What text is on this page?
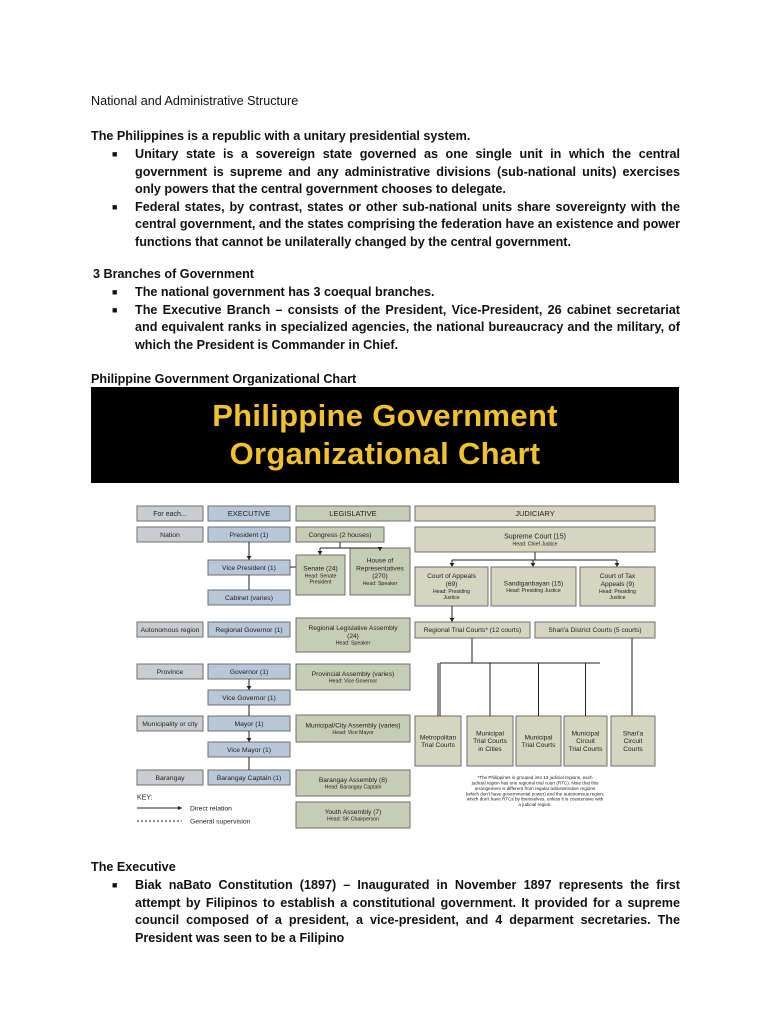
National and Administrative Structure
The Philippines is a republic with a unitary presidential system.
■ Unitary state is a sovereign state governed as one single unit in which the central government is supreme and any administrative divisions (sub-national units) exercises only powers that the central government chooses to delegate.
■ Federal states, by contrast, states or other sub-national units share sovereignty with the central government, and the states comprising the federation have an existence and power functions that cannot be unilaterally changed by the central government.
3 Branches of Government
■ The national government has 3 coequal branches.
■ The Executive Branch – consists of the President, Vice-President, 26 cabinet secretariat and equivalent ranks in specialized agencies, the national bureaucracy and the military, of which the President is Commander in Chief.
Philippine Government Organizational Chart
Philippine Government
Organizational Chart
For each...	EXECUTIVE	LEGISLATIVE	JUDICIARY
Nation
Autonomous region
Province
Municipality or city
Barangay
President (1)
Vice President (1)
Cabinet (varies)
Regional Governor (1)
Governor (1)
Vice Governor (1)
Mayor (1)
Vice Mayor (1)
Barangay Captain (1)
Congress (2 houses)
Senate (24)
Head: Senate President
House of Representatives (270)
Head: Speaker
Regional Legislative Assembly (24)
Head: Speaker
Provincial Assembly (varies)
Head: Vice Governor
Municipal/City Assembly (varies)
Head: Vice Mayor
Barangay Assembly (8)
Head: Barangay Captain
Youth Assembly (7)
Head: SK Chairperson
Supreme Court (15)
Head: Chief Justice
Court of Appeals (69)
Head: Presiding Justice
Sandiganbayan (15)
Head: Presiding Justice
Court of Tax Appeals (9)
Head: Presiding Justice
Regional Trial Courts* (12 courts)	Shari'a District Courts (5 courts)
Metropolitan Trial Courts
Municipal Trial Courts in Cities
Municipal Trial Courts
Municipal Circuit Trial Courts
Shari'a Circuit Courts
*The Philippines is grouped into 13 judicial regions, each judicial region has one regional trial court (RTC). Note that this arrangement is different from regular administrative regions (which don't have governmental power) and the autonomous region, which don't have RTCs by themselves, unless it is coextensive with a judicial region.
KEY:
Direct relation
General supervision
The Executive
■ Biak naBato Constitution (1897) – Inaugurated in November 1897 represents the first attempt by Filipinos to establish a constitutional government. It provided for a supreme council composed of a president, a vice-president, and 4 deparment secretaries. The President was seen to be a Filipino
